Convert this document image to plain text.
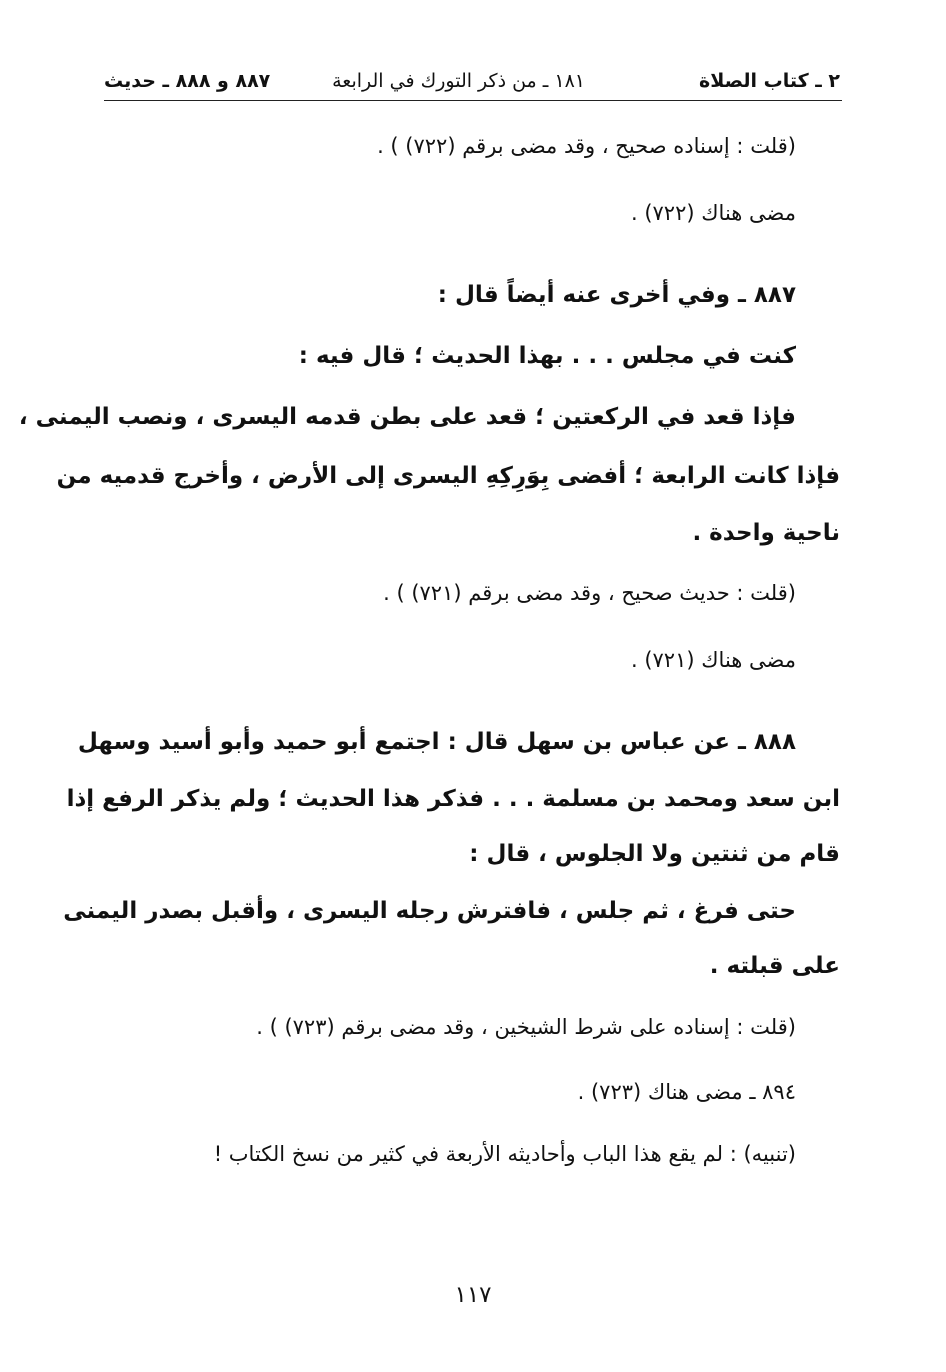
٢ ـ كتاب الصلاة
١٨١ ـ من ذكر التورك في الرابعة
٨٨٧ و ٨٨٨ ـ حديث
(قلت : إسناده صحيح ، وقد مضى برقم (٧٢٢) ) .
مضى هناك (٧٢٢) .
٨٨٧ ـ وفي أخرى عنه أيضاً قال :
كنت في مجلس . . . بهذا الحديث ؛ قال فيه :
فإذا قعد في الركعتين ؛ قعد على بطن قدمه اليسرى ، ونصب اليمنى ،
فإذا كانت الرابعة ؛ أفضى بِوَرِكِهِ اليسرى إلى الأرض ، وأخرج قدميه من
ناحية واحدة .
(قلت : حديث صحيح ، وقد مضى برقم (٧٢١) ) .
مضى هناك (٧٢١) .
٨٨٨ ـ عن عباس بن سهل قال : اجتمع أبو حميد وأبو أسيد وسهل
ابن سعد ومحمد بن مسلمة . . . فذكر هذا الحديث ؛ ولم يذكر الرفع إذا
قام من ثنتين ولا الجلوس ، قال :
حتى فرغ ، ثم جلس ، فافترش رجله اليسرى ، وأقبل بصدر اليمنى
على قبلته .
(قلت : إسناده على شرط الشيخين ، وقد مضى برقم (٧٢٣) ) .
٨٩٤ ـ مضى هناك (٧٢٣) .
(تنبيه) : لم يقع هذا الباب وأحاديثه الأربعة في كثير من نسخ الكتاب !
١١٧
